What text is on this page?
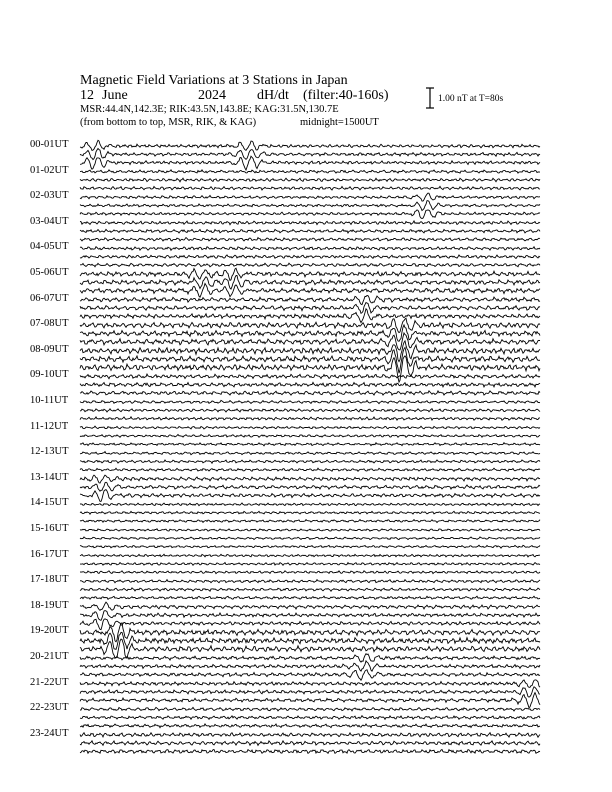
Magnetic Field Variations at 3 Stations in Japan
12 June	2024 dH/dt (filter:40-160s)
MSR:44.4N,142.3E; RIK:43.5N,143.8E; KAG:31.5N,130.7E
(from bottom to top, MSR, RIK, & KAG)	midnight=1500UT
1.00 nT at T=80s
00-01UT
01-02UT
02-03UT
03-04UT
04-05UT
05-06UT
06-07UT
07-08UT
08-09UT
09-10UT
10-11UT
11-12UT
12-13UT
13-14UT
14-15UT
15-16UT
16-17UT
17-18UT
18-19UT
19-20UT
20-21UT
21-22UT
22-23UT
23-24UT
